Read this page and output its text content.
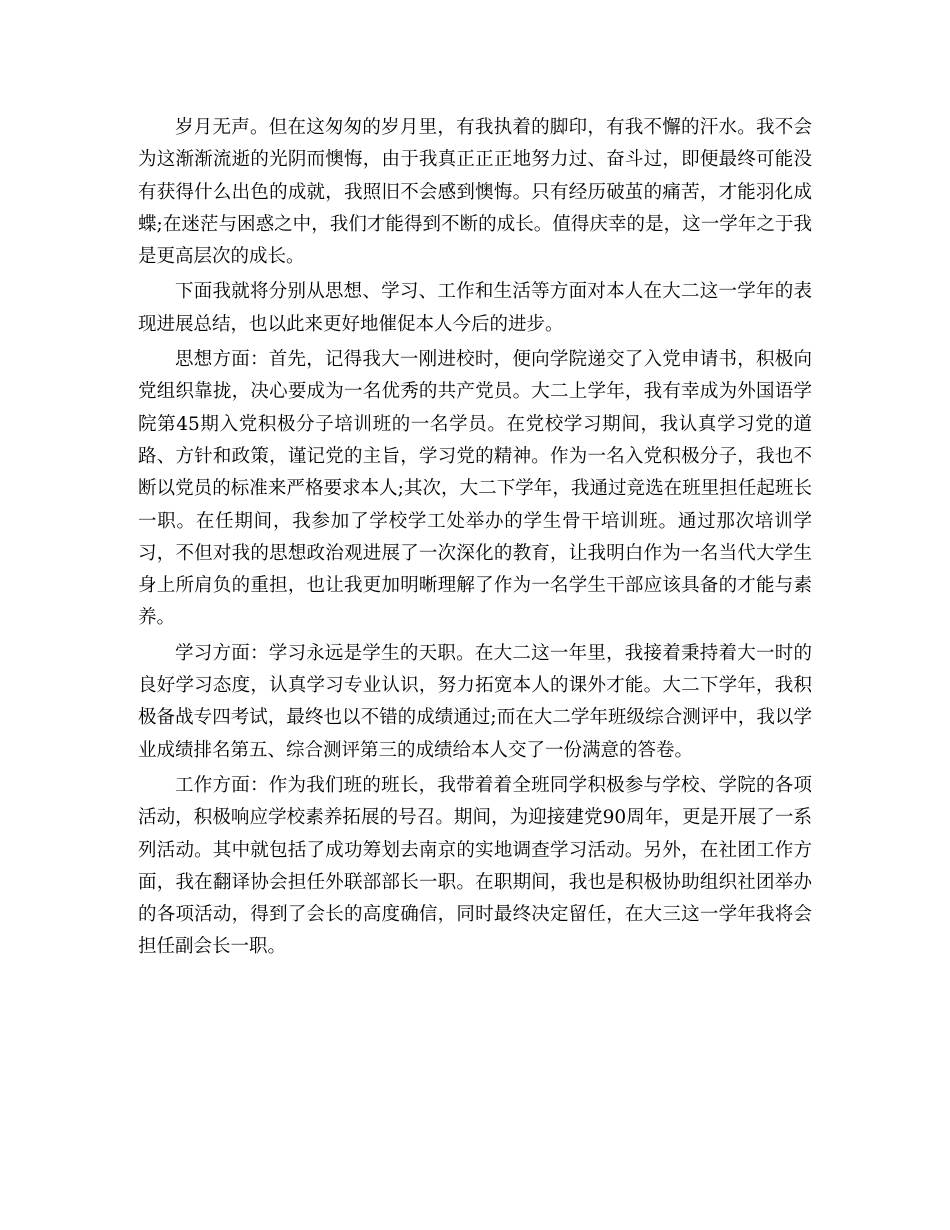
岁月无声。但在这匆匆的岁月里，有我执着的脚印，有我不懈的汗水。我不会为这渐渐流逝的光阴而懊悔，由于我真正正正地努力过、奋斗过，即便最终可能没有获得什么出色的成就，我照旧不会感到懊悔。只有经历破茧的痛苦，才能羽化成蝶;在迷茫与困惑之中，我们才能得到不断的成长。值得庆幸的是，这一学年之于我是更高层次的成长。

下面我就将分别从思想、学习、工作和生活等方面对本人在大二这一学年的表现进展总结，也以此来更好地催促本人今后的进步。

思想方面：首先，记得我大一刚进校时，便向学院递交了入党申请书，积极向党组织靠拢，决心要成为一名优秀的共产党员。大二上学年，我有幸成为外国语学院第45期入党积极分子培训班的一名学员。在党校学习期间，我认真学习党的道路、方针和政策，谨记党的主旨，学习党的精神。作为一名入党积极分子，我也不断以党员的标准来严格要求本人;其次，大二下学年，我通过竞选在班里担任起班长一职。在任期间，我参加了学校学工处举办的学生骨干培训班。通过那次培训学习，不但对我的思想政治观进展了一次深化的教育，让我明白作为一名当代大学生身上所肩负的重担，也让我更加明晰理解了作为一名学生干部应该具备的才能与素养。

学习方面：学习永远是学生的天职。在大二这一年里，我接着秉持着大一时的良好学习态度，认真学习专业认识，努力拓宽本人的课外才能。大二下学年，我积极备战专四考试，最终也以不错的成绩通过;而在大二学年班级综合测评中，我以学业成绩排名第五、综合测评第三的成绩给本人交了一份满意的答卷。

工作方面：作为我们班的班长，我带着着全班同学积极参与学校、学院的各项活动，积极响应学校素养拓展的号召。期间，为迎接建党90周年，更是开展了一系列活动。其中就包括了成功筹划去南京的实地调查学习活动。另外，在社团工作方面，我在翻译协会担任外联部部长一职。在职期间，我也是积极协助组织社团举办的各项活动，得到了会长的高度确信，同时最终决定留任，在大三这一学年我将会担任副会长一职。
